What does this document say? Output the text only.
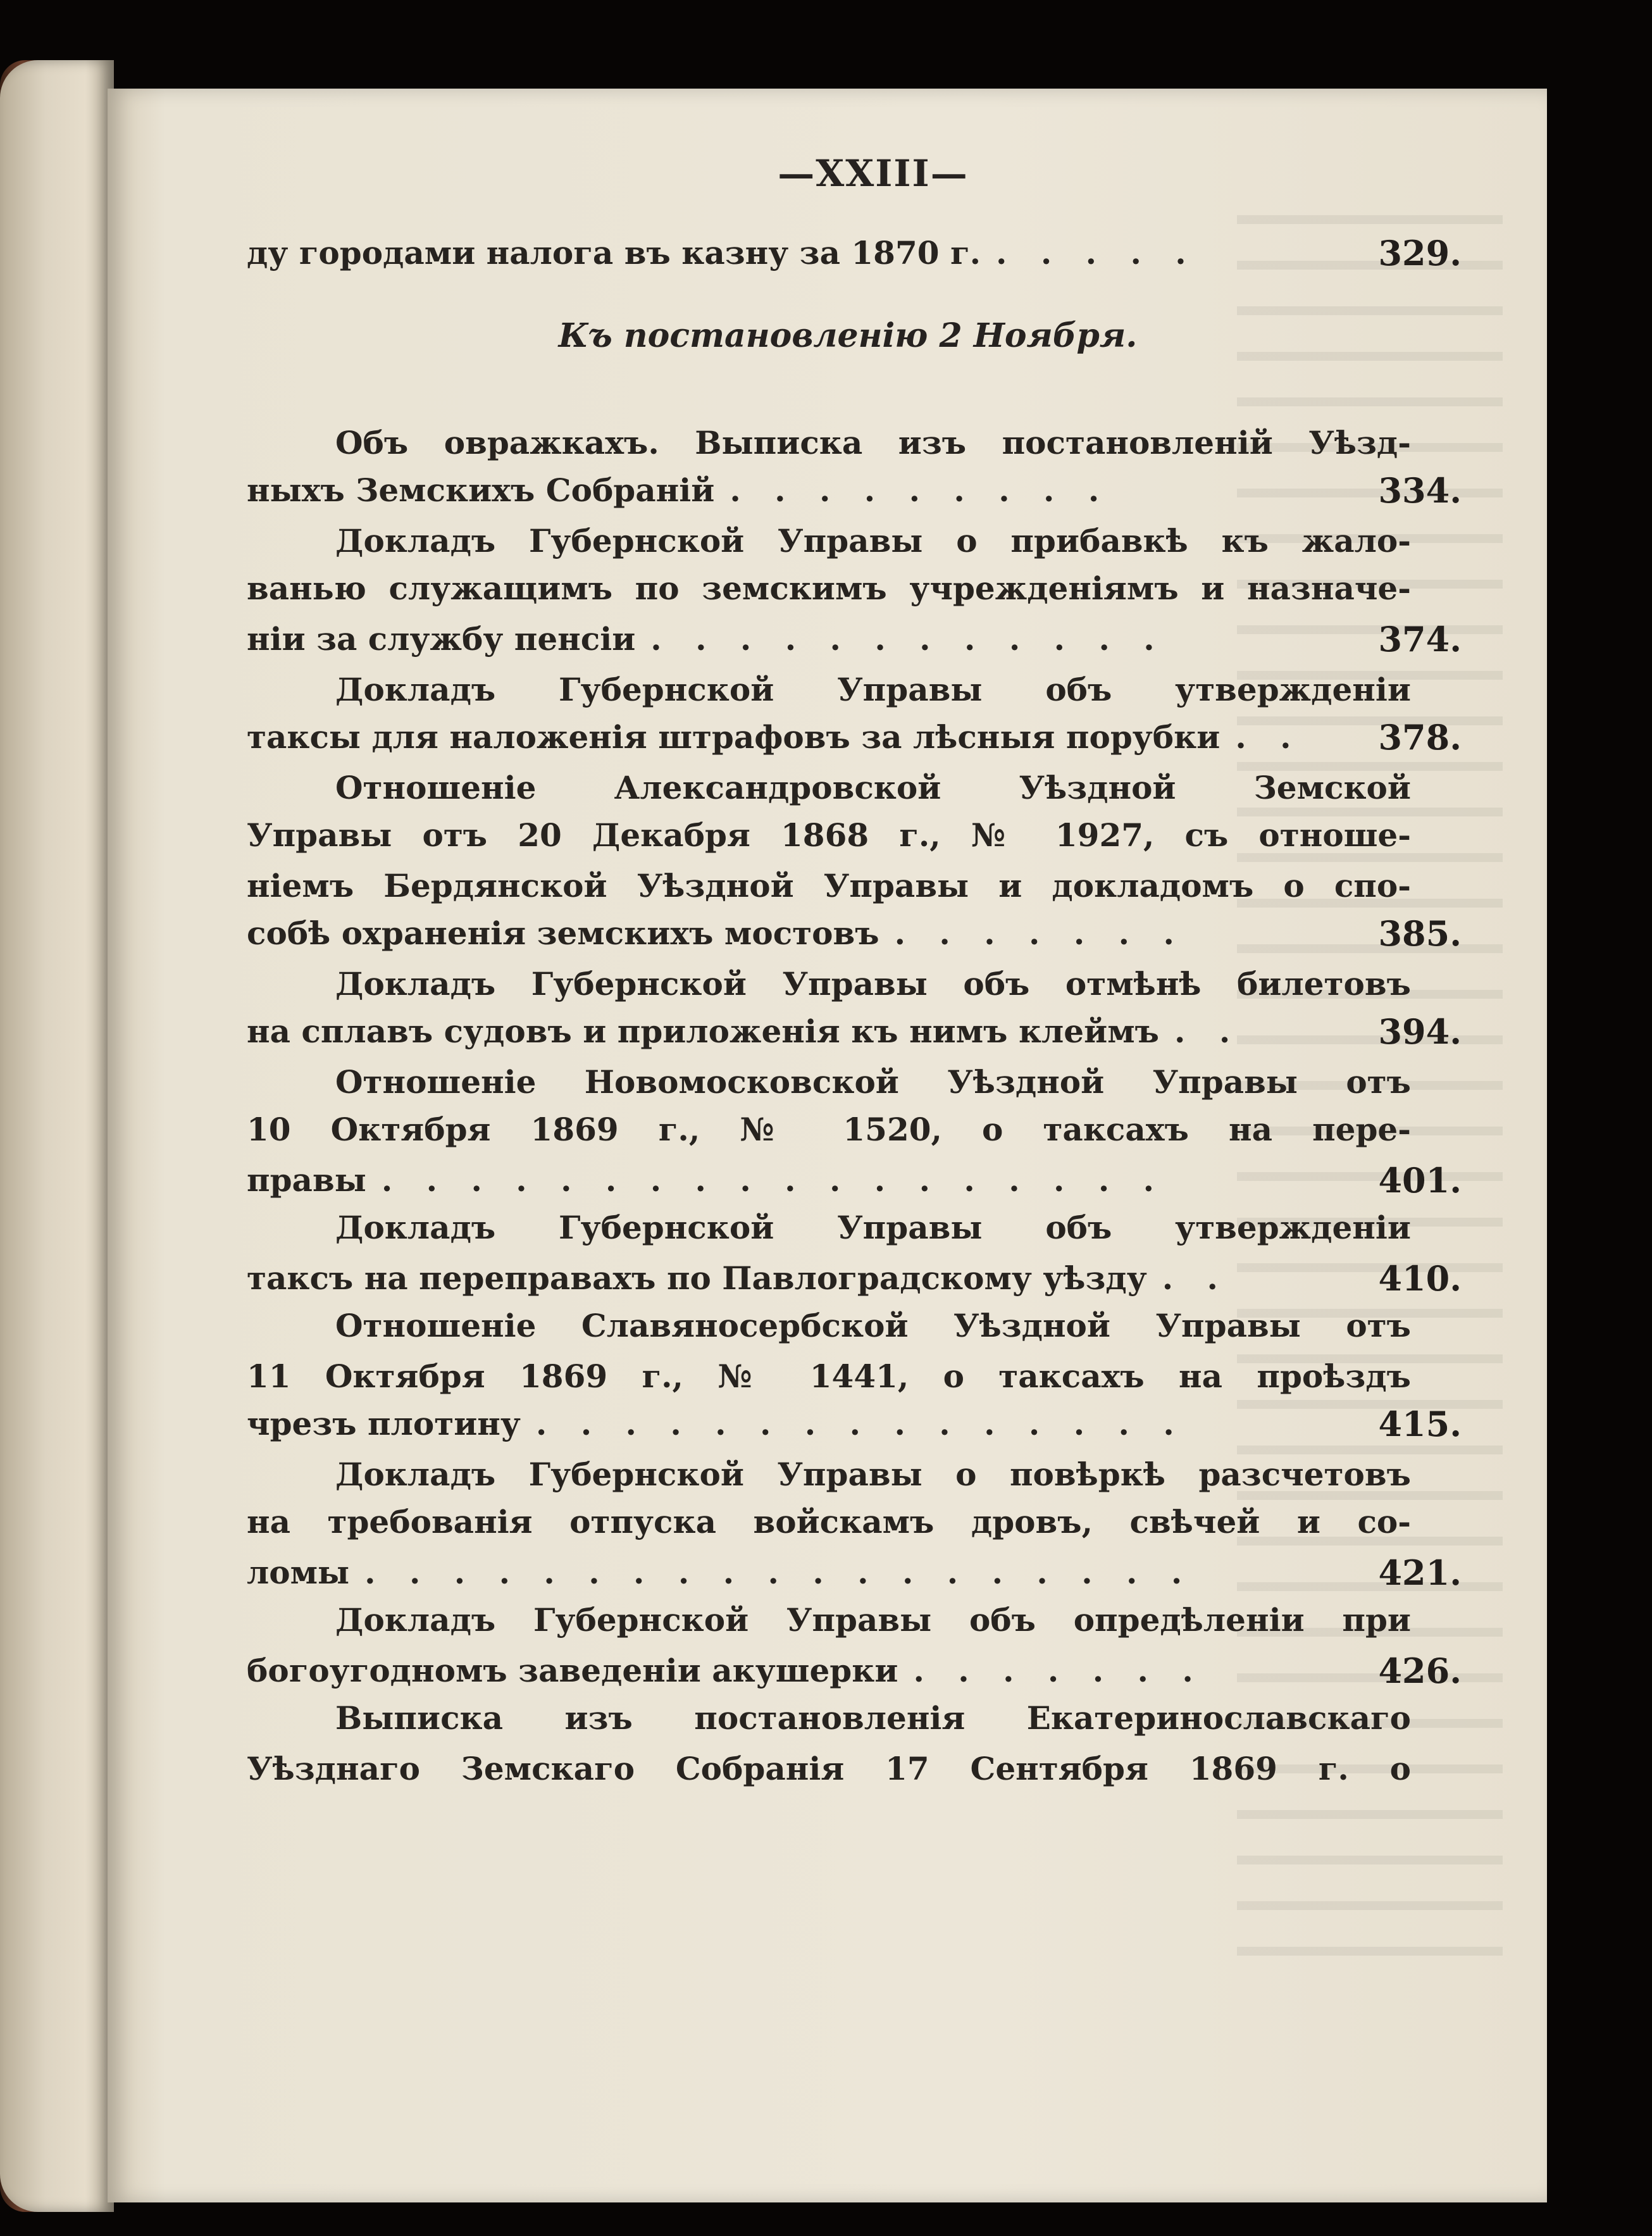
—XXIII—
Къ постановленію 2 Ноября.
ду городами налога въ казну за 1870 г. . . . . .	329.
Объ овражкахъ. Выписка изъ постановленій Уѣзд-
ныхъ Земскихъ Собраній . . . . . . . . .	334.
Докладъ Губернской Управы о прибавкѣ къ жало-
ванью служащимъ по земскимъ учрежденіямъ и назначе-
ніи за службу пенсіи . . . . . . . . . . . .	374.
Докладъ Губернской Управы объ утвержденіи
таксы для наложенія штрафовъ за лѣсныя порубки . .	378.
Отношеніе Александровской Уѣздной Земской
Управы отъ 20 Декабря 1868 г., № 1927, съ отноше-
ніемъ Бердянской Уѣздной Управы и докладомъ о спо-
собѣ охраненія земскихъ мостовъ . . . . . . .	385.
Докладъ Губернской Управы объ отмѣнѣ билетовъ
на сплавъ судовъ и приложенія къ нимъ клеймъ . .	394.
Отношеніе Новомосковской Уѣздной Управы отъ
10 Октября 1869 г., № 1520, о таксахъ на пере-
правы . . . . . . . . . . . . . . . . . .	401.
Докладъ Губернской Управы объ утвержденіи
таксъ на переправахъ по Павлоградскому уѣзду . .	410.
Отношеніе Славяносербской Уѣздной Управы отъ
11 Октября 1869 г., № 1441, о таксахъ на проѣздъ
чрезъ плотину . . . . . . . . . . . . . . .	415.
Докладъ Губернской Управы о повѣркѣ разсчетовъ
на требованія отпуска войскамъ дровъ, свѣчей и со-
ломы . . . . . . . . . . . . . . . . . . .	421.
Докладъ Губернской Управы объ опредѣленіи при
богоугодномъ заведеніи акушерки . . . . . . .	426.
Выписка изъ постановленія Екатеринославскаго
Уѣзднаго Земскаго Собранія 17 Сентября 1869 г. о
